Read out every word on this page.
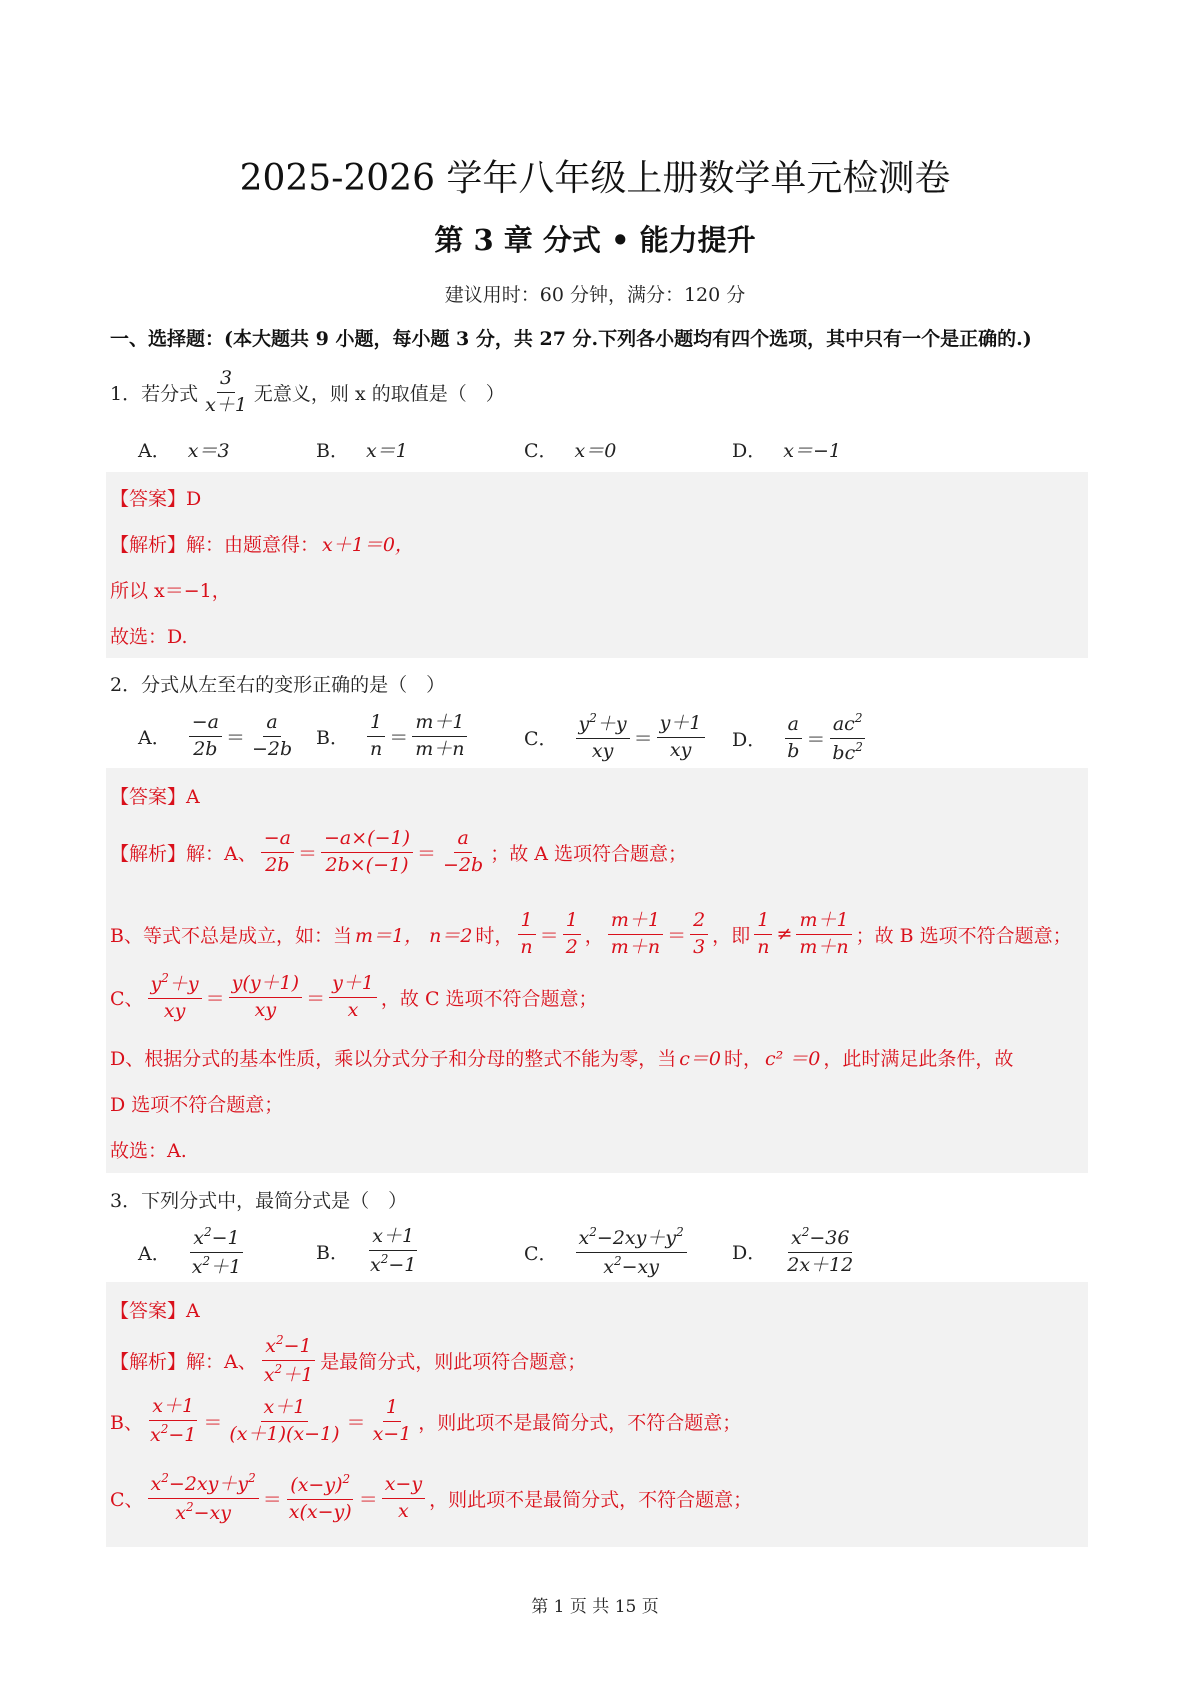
2025-2026 学年八年级上册数学单元检测卷
第 3 章 分式 • 能力提升
建议用时：60 分钟，满分：120 分
一、选择题：(本大题共 9 小题，每小题 3 分，共 27 分.下列各小题均有四个选项，其中只有一个是正确的.)
1． 若分式 $\frac{3}{x+1}$ 无意义，则 x 的取值是（　）
A． x＝3	B． x＝1	C． x＝0	D． x＝−1
【答案】D
【解析】解：由题意得： x＋1＝0，
所以 x＝−1，
故选：D.
2．分式从左至右的变形正确的是（　）
A． $\frac{-a}{2b} = \frac{a}{-2b}$ B． $\frac{1}{n} = \frac{m+1}{m+n}$	C． $\frac{y^2+y}{xy} = \frac{y+1}{xy}$ D． $\frac{a}{b} = \frac{ac^2}{bc^2}$
【答案】A
【解析】解：A、 $\frac{-a}{2b} = \frac{-a\times(-1)}{2b\times(-1)} = \frac{a}{-2b}$ ；故 A 选项符合题意；
B、等式不总是成立，如：当 m＝1， n＝2 时， $\frac{1}{n} = \frac{1}{2}$ ， $\frac{m+1}{m+n} = \frac{2}{3}$ ， 即 $\frac{1}{n} \ne \frac{m+1}{m+n}$ ；故 B 选项不符合题意；
C、 $\frac{y^2+y}{xy} = \frac{y(y+1)}{xy} = \frac{y+1}{x}$ ，故 C 选项不符合题意；
D、根据分式的基本性质，乘以分式分子和分母的整式不能为零，当 c＝0 时， c² ＝0 ，此时满足此条件，故
D 选项不符合题意；
故选：A.
3．下列分式中，最简分式是（　）
A． $\frac{x^2-1}{x^2+1}$	B． $\frac{x+1}{x^2-1}$	C． $\frac{x^2-2xy+y^2}{x^2-xy}$ D． $\frac{x^2-36}{2x+12}$
【答案】A
【解析】解：A、 $\frac{x^2-1}{x^2+1}$ 是最简分式，则此项符合题意；
B、 $\frac{x+1}{x^2-1} = \frac{x+1}{(x+1)(x-1)} = \frac{1}{x-1}$ ，则此项不是最简分式，不符合题意；
C、 $\frac{x^2-2xy+y^2}{x^2-xy} = \frac{(x-y)^2}{x(x-y)} = \frac{x-y}{x}$ ，则此项不是最简分式，不符合题意；
第 1 页 共 15 页
